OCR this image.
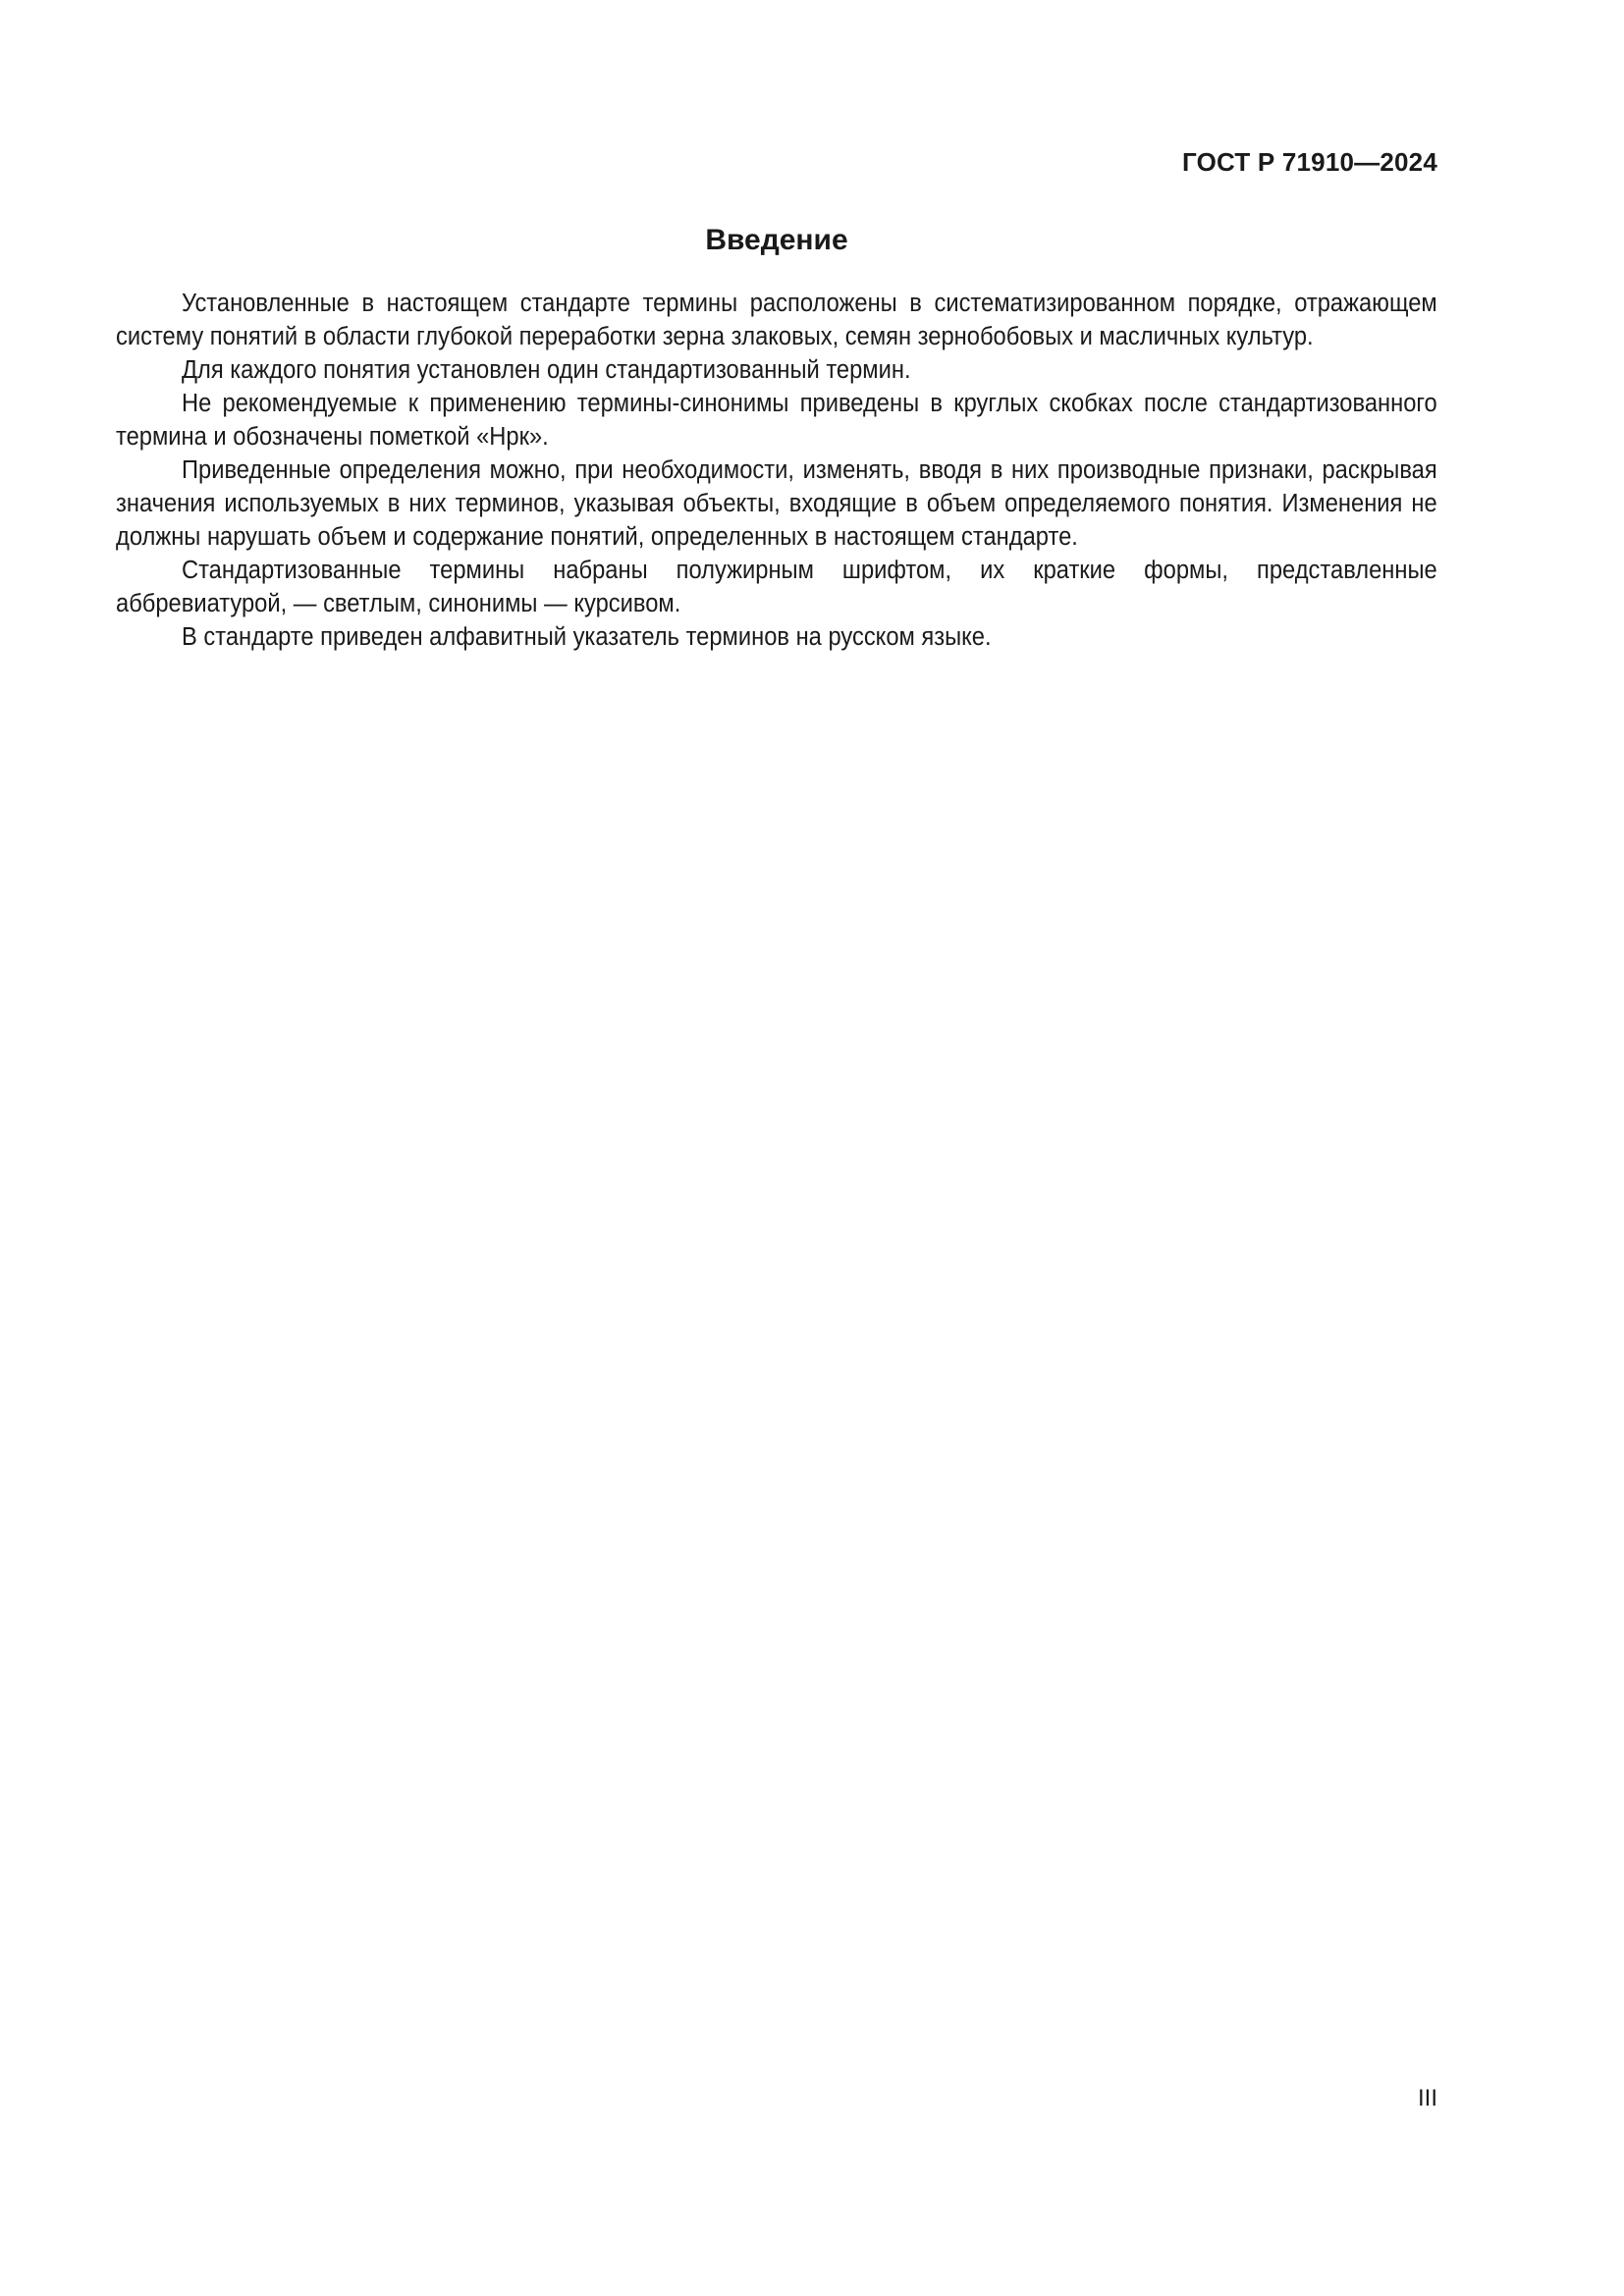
ГОСТ Р 71910—2024
Введение

Установленные в настоящем стандарте термины расположены в систематизированном порядке, отражающем систему понятий в области глубокой переработки зерна злаковых, семян зернобобовых и масличных культур.

Для каждого понятия установлен один стандартизованный термин.

Не рекомендуемые к применению термины-синонимы приведены в круглых скобках после стандартизованного термина и обозначены пометкой «Нрк».

Приведенные определения можно, при необходимости, изменять, вводя в них производные признаки, раскрывая значения используемых в них терминов, указывая объекты, входящие в объем определяемого понятия. Изменения не должны нарушать объем и содержание понятий, определенных в настоящем стандарте.

Стандартизованные термины набраны полужирным шрифтом, их краткие формы, представленные аббревиатурой, — светлым, синонимы — курсивом.

В стандарте приведен алфавитный указатель терминов на русском языке.

III
